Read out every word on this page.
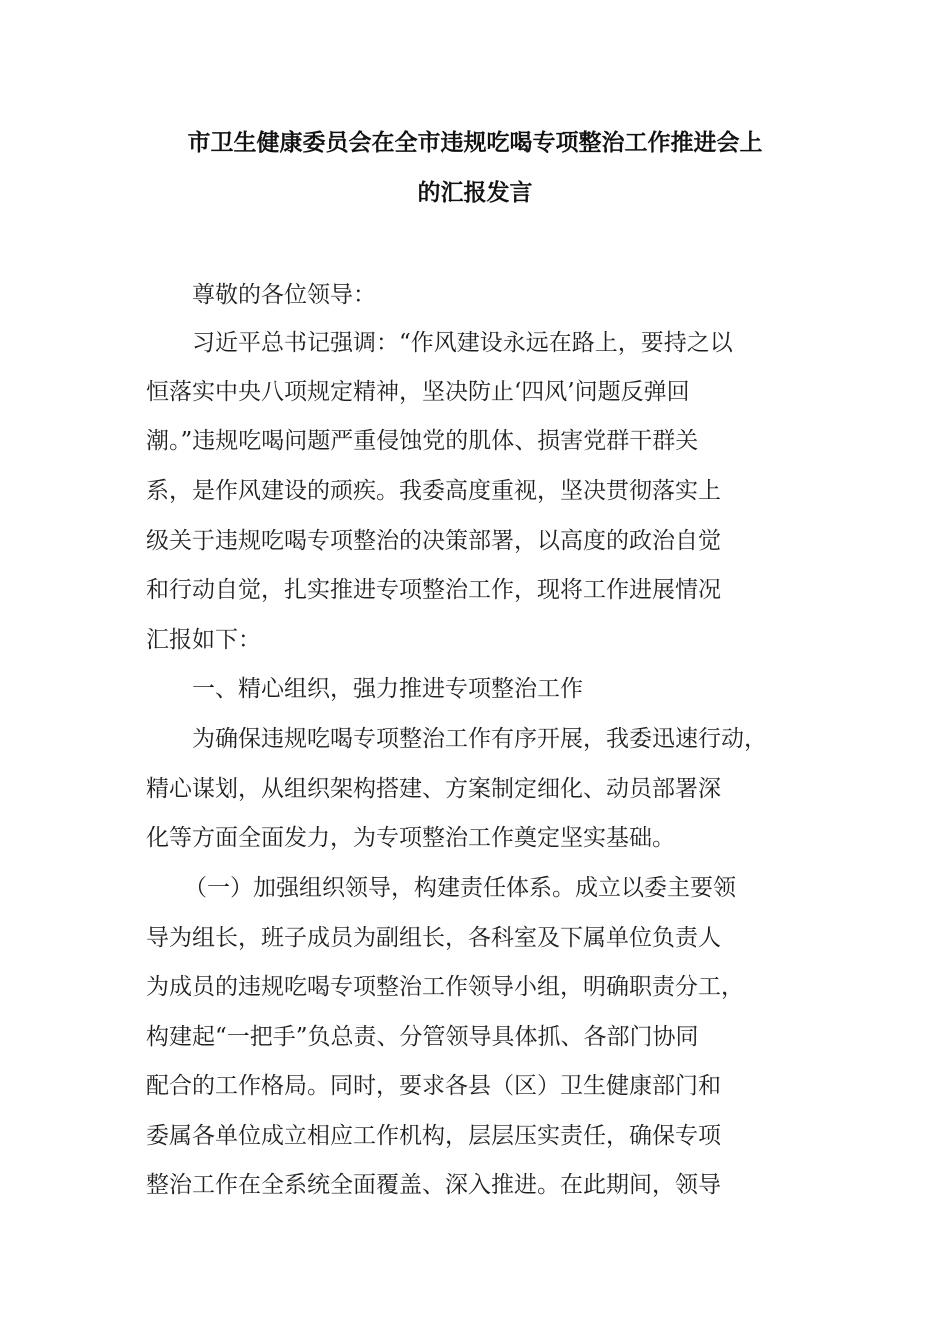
市卫生健康委员会在全市违规吃喝专项整治工作推进会上
的汇报发言
尊敬的各位领导：
习近平总书记强调：“作风建设永远在路上，要持之以
恒落实中央八项规定精神，坚决防止‘四风’问题反弹回
潮。”违规吃喝问题严重侵蚀党的肌体、损害党群干群关
系，是作风建设的顽疾。我委高度重视，坚决贯彻落实上
级关于违规吃喝专项整治的决策部署，以高度的政治自觉
和行动自觉，扎实推进专项整治工作，现将工作进展情况
汇报如下：
一、精心组织，强力推进专项整治工作
为确保违规吃喝专项整治工作有序开展，我委迅速行动，
精心谋划，从组织架构搭建、方案制定细化、动员部署深
化等方面全面发力，为专项整治工作奠定坚实基础。
（一）加强组织领导，构建责任体系。成立以委主要领
导为组长，班子成员为副组长，各科室及下属单位负责人
为成员的违规吃喝专项整治工作领导小组，明确职责分工，
构建起“一把手”负总责、分管领导具体抓、各部门协同
配合的工作格局。同时，要求各县（区）卫生健康部门和
委属各单位成立相应工作机构，层层压实责任，确保专项
整治工作在全系统全面覆盖、深入推进。在此期间，领导
